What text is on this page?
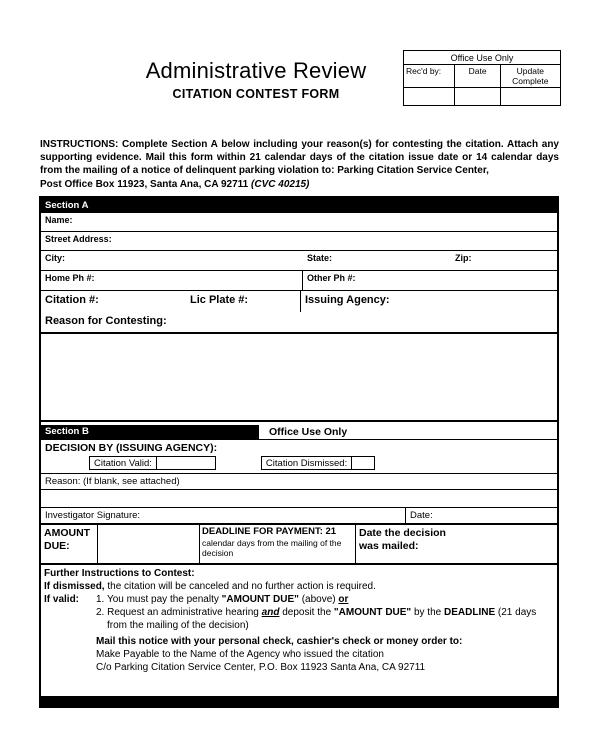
Office Use Only
Rec'd by:	Date	Update Complete
Administrative Review
CITATION CONTEST FORM

INSTRUCTIONS: Complete Section A below including your reason(s) for contesting the citation. Attach any supporting evidence. Mail this form within 21 calendar days of the citation issue date or 14 calendar days from the mailing of a notice of delinquent parking violation to: Parking Citation Service Center,
Post Office Box 11923, Santa Ana, CA 92711 (CVC 40215)

Section A
Name:
Street Address:
City:	State:	Zip:
Home Ph #:	Other Ph #:
Citation #:	Lic Plate #:	Issuing Agency:
Reason for Contesting:
Section B	Office Use Only
DECISION BY (ISSUING AGENCY):
Citation Valid:	Citation Dismissed:
Reason: (If blank, see attached)
Investigator Signature:	Date:
AMOUNT DUE:
DEADLINE FOR PAYMENT: 21 calendar days from the mailing of the decision
Date the decision was mailed:
Further Instructions to Contest:
If dismissed, the citation will be canceled and no further action is required.
If valid:	1. You must pay the penalty "AMOUNT DUE" (above) or
2. Request an administrative hearing and deposit the "AMOUNT DUE" by the DEADLINE (21 days
from the mailing of the decision)
Mail this notice with your personal check, cashier's check or money order to:
Make Payable to the Name of the Agency who issued the citation
C/o Parking Citation Service Center, P.O. Box 11923 Santa Ana, CA 92711
